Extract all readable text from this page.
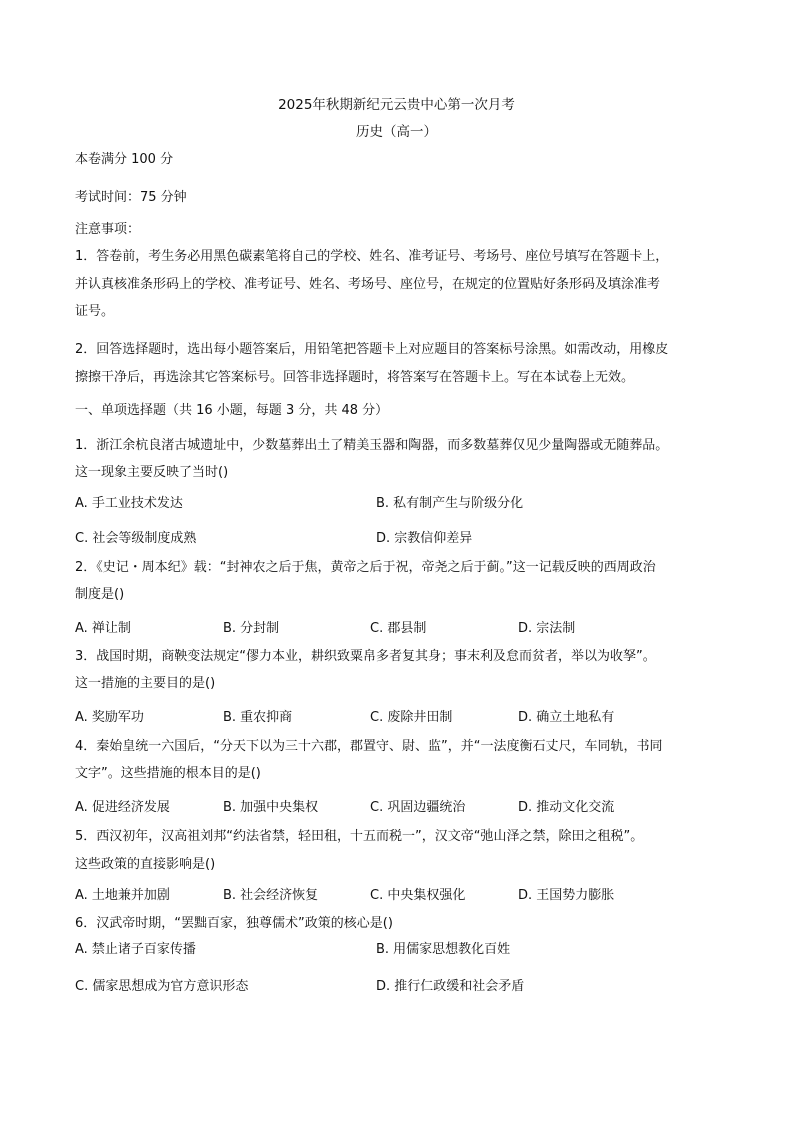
2025年秋期新纪元云贵中心第一次月考
历史（高一）
本卷满分 100 分
考试时间：75 分钟
注意事项：
1．答卷前，考生务必用黑色碳素笔将自己的学校、姓名、准考证号、考场号、座位号填写在答题卡上，
并认真核准条形码上的学校、准考证号、姓名、考场号、座位号，在规定的位置贴好条形码及填涂准考
证号。
2．回答选择题时，选出每小题答案后，用铅笔把答题卡上对应题目的答案标号涂黑。如需改动，用橡皮
擦擦干净后，再选涂其它答案标号。回答非选择题时，将答案写在答题卡上。写在本试卷上无效。
一、单项选择题（共 16 小题，每题 3 分，共 48 分）
1．浙江余杭良渚古城遗址中，少数墓葬出土了精美玉器和陶器，而多数墓葬仅见少量陶器或无随葬品。
这一现象主要反映了当时()
A. 手工业技术发达	B. 私有制产生与阶级分化
C. 社会等级制度成熟	D. 宗教信仰差异
2．《史记・周本纪》载：“封神农之后于焦，黄帝之后于祝，帝尧之后于蓟。”这一记载反映的西周政治
制度是()
A. 禅让制	B. 分封制	C. 郡县制	D. 宗法制
3．战国时期，商鞅变法规定“僇力本业，耕织致粟帛多者复其身；事末利及怠而贫者，举以为收孥”。
这一措施的主要目的是()
A. 奖励军功	B. 重农抑商	C. 废除井田制	D. 确立土地私有
4．秦始皇统一六国后，“分天下以为三十六郡，郡置守、尉、监”，并“一法度衡石丈尺，车同轨，书同
文字”。这些措施的根本目的是()
A. 促进经济发展	B. 加强中央集权	C. 巩固边疆统治	D. 推动文化交流
5．西汉初年，汉高祖刘邦“约法省禁，轻田租，十五而税一”，汉文帝“弛山泽之禁，除田之租税”。
这些政策的直接影响是()
A. 土地兼并加剧	B. 社会经济恢复	C. 中央集权强化	D. 王国势力膨胀
6．汉武帝时期，“罢黜百家，独尊儒术”政策的核心是()
A. 禁止诸子百家传播	B. 用儒家思想教化百姓
C. 儒家思想成为官方意识形态	D. 推行仁政缓和社会矛盾
